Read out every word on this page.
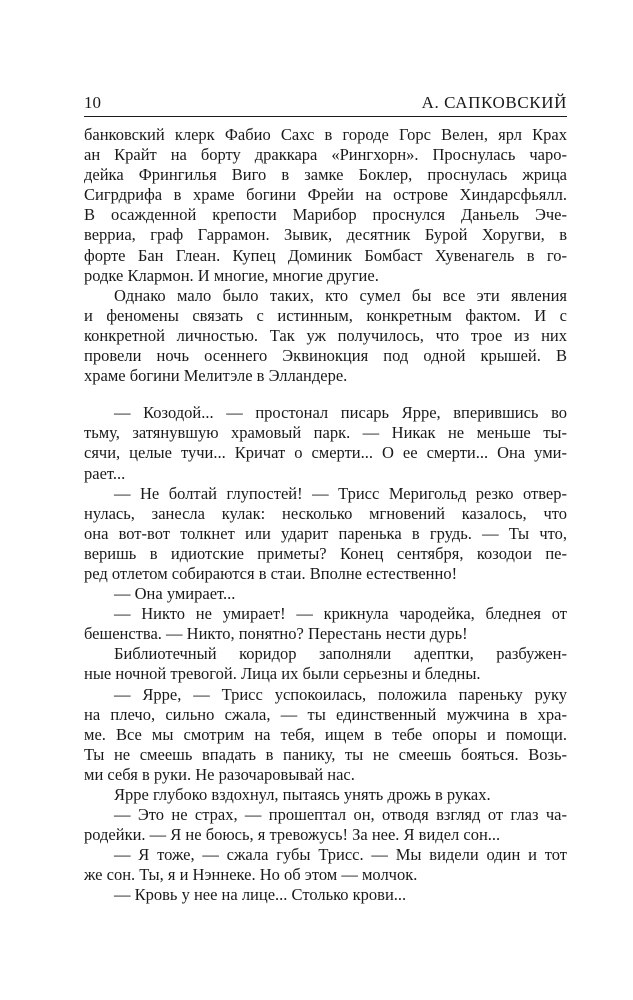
10	А. САПКОВСКИЙ
банковский клерк Фабио Сахс в городе Горс Велен, ярл Крах
ан Крайт на борту драккара «Рингхорн». Проснулась чаро-
дейка Фрингилья Виго в замке Боклер, проснулась жрица
Сигрдрифа в храме богини Фрейи на острове Хиндарсфьялл.
В осажденной крепости Марибор проснулся Даньель Эче-
верриа, граф Гаррамон. Зывик, десятник Бурой Хоругви, в
форте Бан Глеан. Купец Доминик Бомбаст Хувенагель в го-
родке Клармон. И многие, многие другие.
Однако мало было таких, кто сумел бы все эти явления
и феномены связать с истинным, конкретным фактом. И с
конкретной личностью. Так уж получилось, что трое из них
провели ночь осеннего Эквинокция под одной крышей. В
храме богини Мелитэле в Элландере.
— Козодой... — простонал писарь Ярре, вперившись во
тьму, затянувшую храмовый парк. — Никак не меньше ты-
сячи, целые тучи... Кричат о смерти... О ее смерти... Она уми-
рает...
— Не болтай глупостей! — Трисс Меригольд резко отвер-
нулась, занесла кулак: несколько мгновений казалось, что
она вот-вот толкнет или ударит паренька в грудь. — Ты что,
веришь в идиотские приметы? Конец сентября, козодои пе-
ред отлетом собираются в стаи. Вполне естественно!
— Она умирает...
— Никто не умирает! — крикнула чародейка, бледнея от
бешенства. — Никто, понятно? Перестань нести дурь!
Библиотечный коридор заполняли адептки, разбужен-
ные ночной тревогой. Лица их были серьезны и бледны.
— Ярре, — Трисс успокоилась, положила пареньку руку
на плечо, сильно сжала, — ты единственный мужчина в хра-
ме. Все мы смотрим на тебя, ищем в тебе опоры и помощи.
Ты не смеешь впадать в панику, ты не смеешь бояться. Возь-
ми себя в руки. Не разочаровывай нас.
Ярре глубоко вздохнул, пытаясь унять дрожь в руках.
— Это не страх, — прошептал он, отводя взгляд от глаз ча-
родейки. — Я не боюсь, я тревожусь! За нее. Я видел сон...
— Я тоже, — сжала губы Трисс. — Мы видели один и тот
же сон. Ты, я и Нэннеке. Но об этом — молчок.
— Кровь у нее на лице... Столько крови...
